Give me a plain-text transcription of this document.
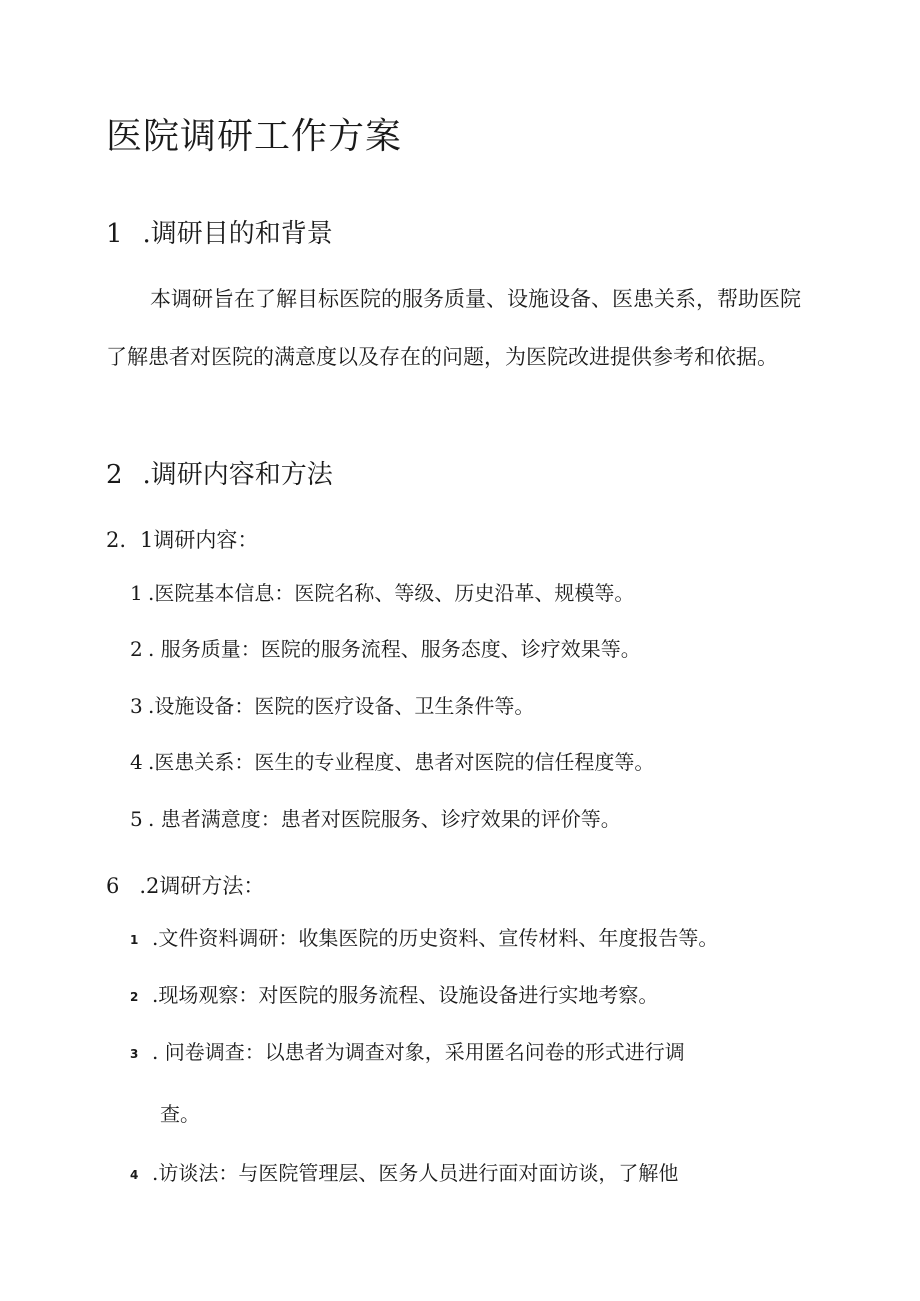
医院调研工作方案
1 .调研目的和背景
本调研旨在了解目标医院的服务质量、设施设备、医患关系，帮助医院了解患者对医院的满意度以及存在的问题，为医院改进提供参考和依据。
2 .调研内容和方法
2. 1调研内容：
1 .医院基本信息：医院名称、等级、历史沿革、规模等。
2 . 服务质量：医院的服务流程、服务态度、诊疗效果等。
3 .设施设备：医院的医疗设备、卫生条件等。
4 .医患关系：医生的专业程度、患者对医院的信任程度等。
5 . 患者满意度：患者对医院服务、诊疗效果的评价等。
6 .2调研方法：
1 .文件资料调研：收集医院的历史资料、宣传材料、年度报告等。
2 .现场观察：对医院的服务流程、设施设备进行实地考察。
3 . 问卷调查：以患者为调查对象，采用匿名问卷的形式进行调
查。
4 .访谈法：与医院管理层、医务人员进行面对面访谈，了解他
